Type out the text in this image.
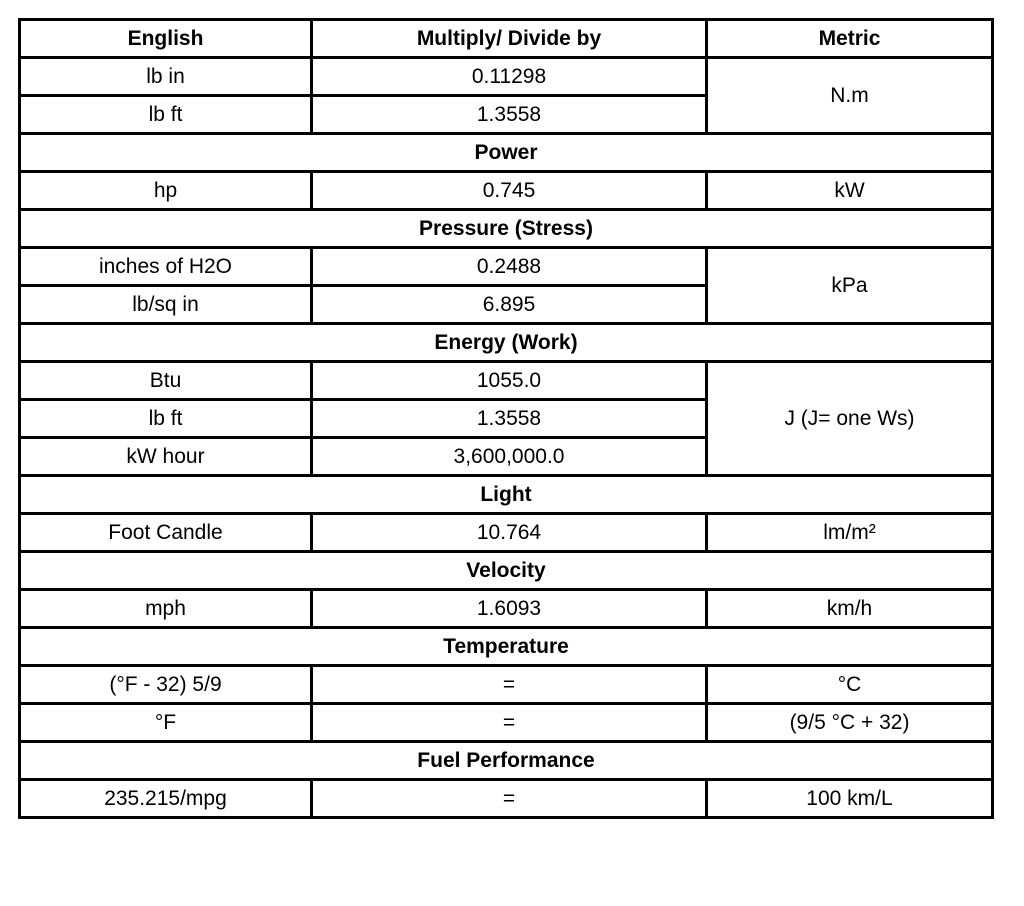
English	Multiply/ Divide by	Metric
lb in	0.11298	N.m
lb ft	1.3558	
Power		
hp	0.745	kW
Pressure (Stress)		
inches of H2O	0.2488	kPa
lb/sq in	6.895	
Energy (Work)		
Btu	1055.0	J (J= one Ws)
lb ft	1.3558	
kW hour	3,600,000.0	
Light		
Foot Candle	10.764	lm/m²
Velocity		
mph	1.6093	km/h
Temperature		
(°F - 32) 5/9	=	°C
°F	=	(9/5 °C + 32)
Fuel Performance		
235.215/mpg	=	100 km/L
